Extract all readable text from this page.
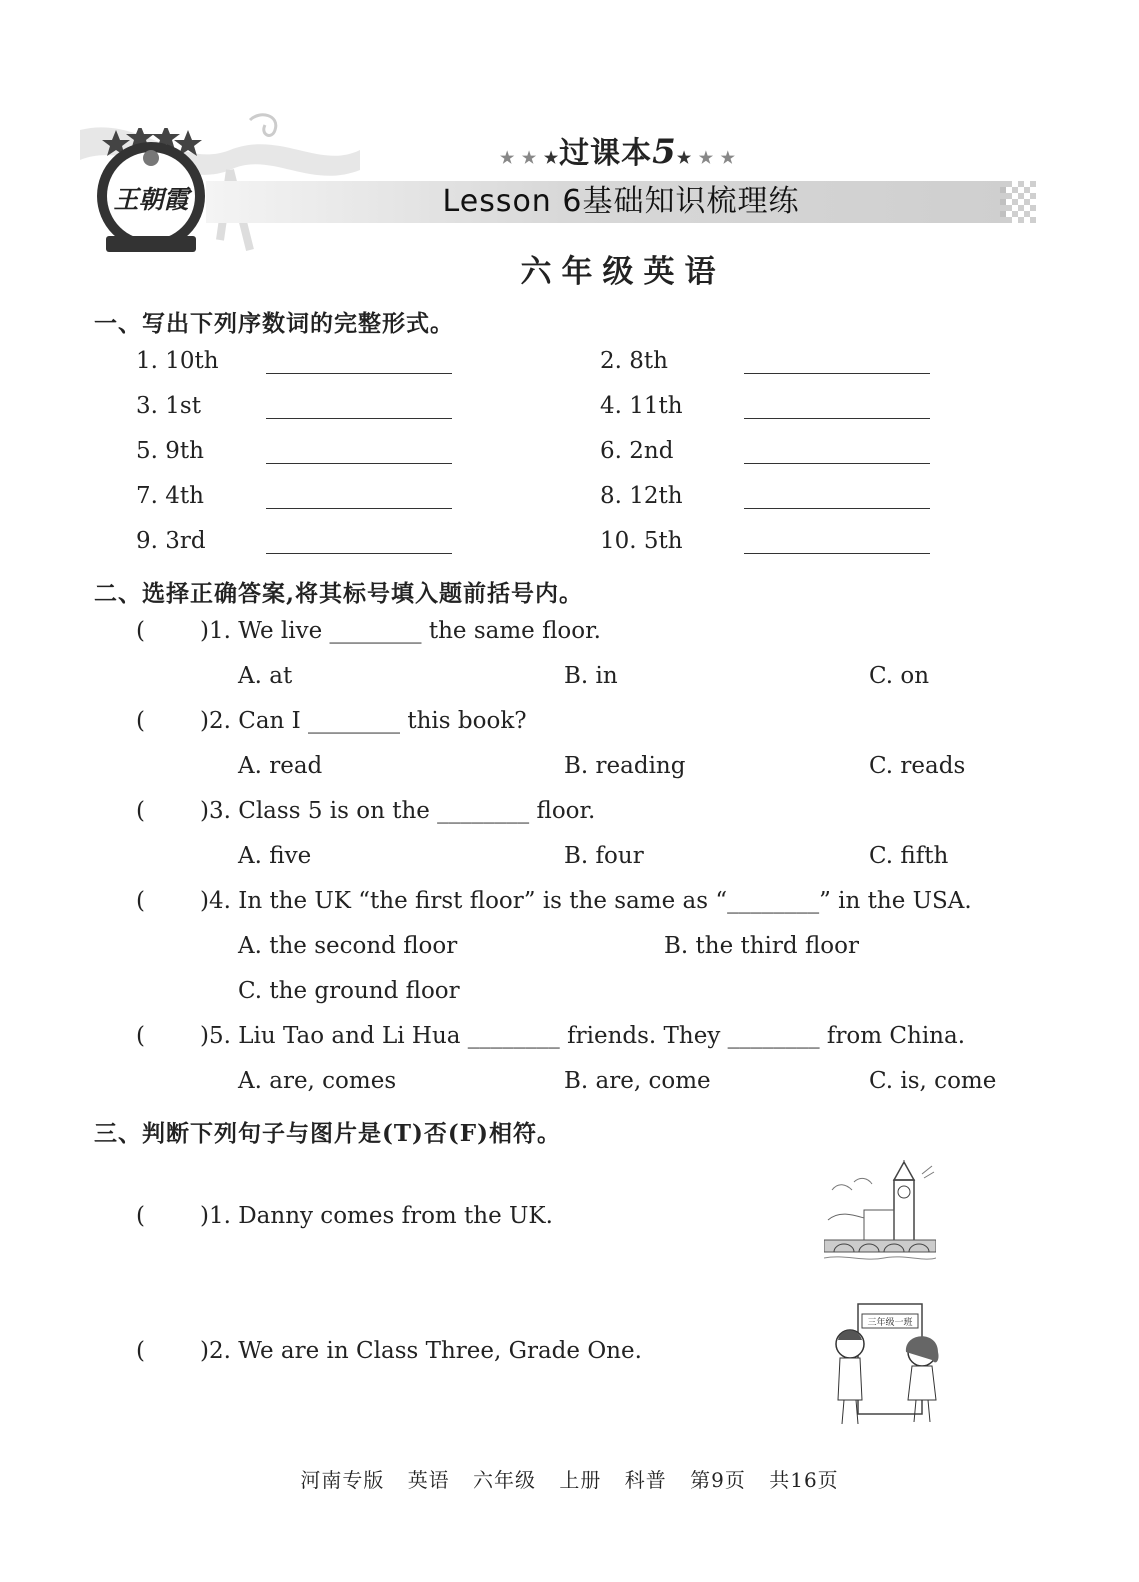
王朝霞
★ ★ ★过课本5★ ★ ★
Lesson 6基础知识梳理练
六年级英语
一、写出下列序数词的完整形式。
1. 10th	2. 8th
3. 1st	4. 11th
5. 9th	6. 2nd
7. 4th	8. 12th
9. 3rd	10. 5th
二、选择正确答案,将其标号填入题前括号内。
( )1. We live ________ the same floor.
A. at	B. in	C. on
( )2. Can I ________ this book?
A. read	B. reading	C. reads
( )3. Class 5 is on the ________ floor.
A. five	B. four	C. fifth
( )4. In the UK “the first floor” is the same as “________” in the USA.
A. the second floor	B. the third floor
C. the ground floor
( )5. Liu Tao and Li Hua ________ friends. They ________ from China.
A. are, comes	B. are, come	C. is, come
三、判断下列句子与图片是(T)否(F)相符。
( )1. Danny comes from the UK.
( )2. We are in Class Three, Grade One.
三年级一班
河南专版 英语 六年级 上册 科普 第9页 共16页
